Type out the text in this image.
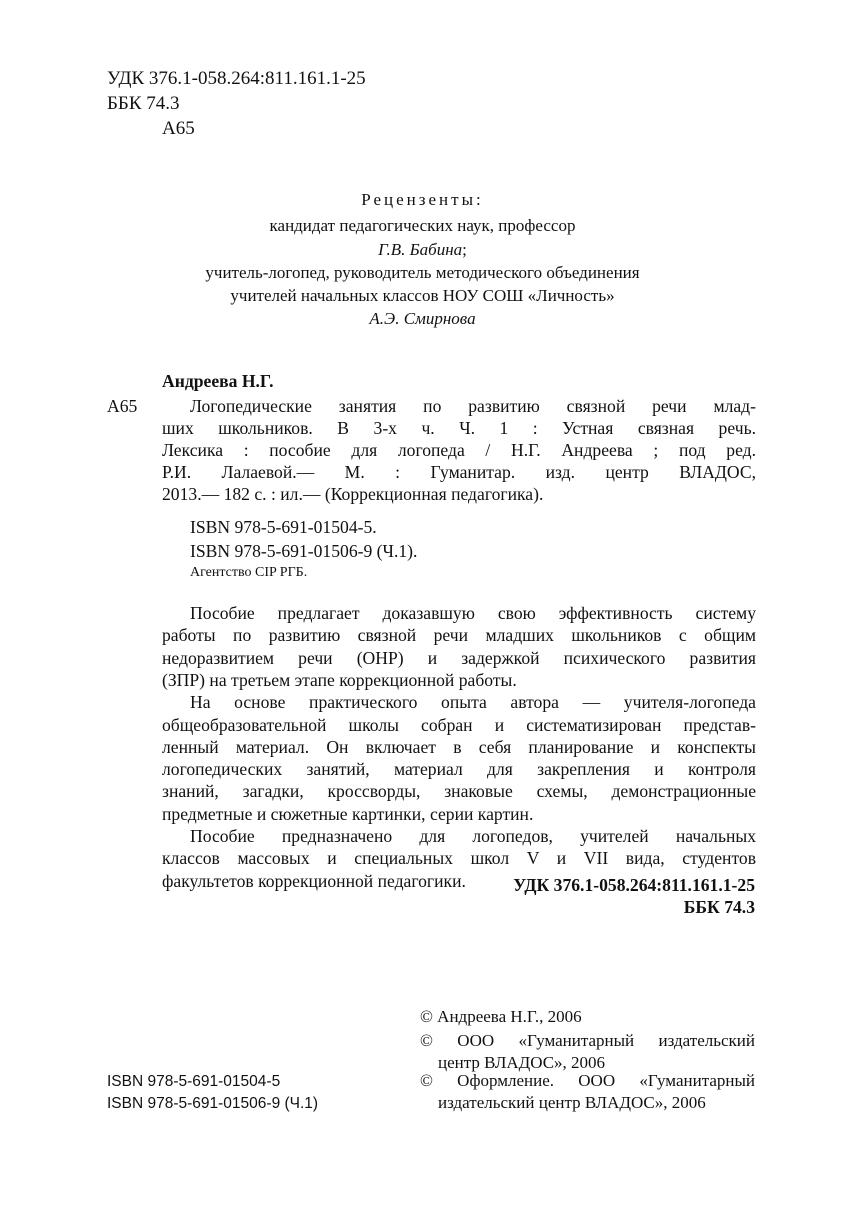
УДК 376.1-058.264:811.161.1-25
ББК 74.3
А65
Рецензенты:
кандидат педагогических наук, профессор
Г.В. Бабина;
учитель-логопед, руководитель методического объединения
учителей начальных классов НОУ СОШ «Личность»
А.Э. Смирнова
Андреева Н.Г.
А65	Логопедические занятия по развитию связной речи млад-
ших школьников. В 3-х ч. Ч. 1 : Устная связная речь.
Лексика : пособие для логопеда / Н.Г. Андреева ; под ред.
Р.И. Лалаевой.— М. : Гуманитар. изд. центр ВЛАДОС,
2013.— 182 с. : ил.— (Коррекционная педагогика).
ISBN 978-5-691-01504-5.
ISBN 978-5-691-01506-9 (Ч.1).
Агентство CIP РГБ.
Пособие предлагает доказавшую свою эффективность систему
работы по развитию связной речи младших школьников с общим
недоразвитием речи (ОНР) и задержкой психического развития
(ЗПР) на третьем этапе коррекционной работы.
На основе практического опыта автора — учителя-логопеда
общеобразовательной школы собран и систематизирован представ-
ленный материал. Он включает в себя планирование и конспекты
логопедических занятий, материал для закрепления и контроля
знаний, загадки, кроссворды, знаковые схемы, демонстрационные
предметные и сюжетные картинки, серии картин.
Пособие предназначено для логопедов, учителей начальных
классов массовых и специальных школ V и VII вида, студентов
факультетов коррекционной педагогики.	УДК 376.1-058.264:811.161.1-25
ББК 74.3
ISBN 978-5-691-01504-5
ISBN 978-5-691-01506-9 (Ч.1)
© Андреева Н.Г., 2006
© ООО «Гуманитарный издательский
центр ВЛАДОС», 2006
© Оформление. ООО «Гуманитарный
издательский центр ВЛАДОС», 2006
